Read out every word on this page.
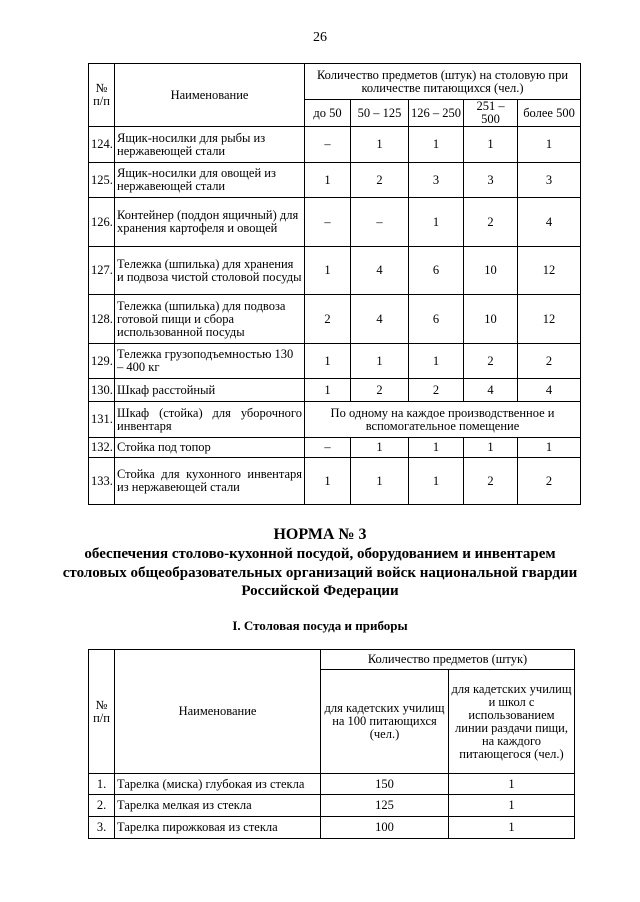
26
№ п/п	Наименование	Количество предметов (штук) на столовую при количестве питающихся (чел.)				
		до 50	50 – 125	126 – 250	251 – 500	более 500
124.	Ящик-носилки для рыбы из нержавеющей стали	–	1	1	1	1
125.	Ящик-носилки для овощей из нержавеющей стали	1	2	3	3	3
126.	Контейнер (поддон ящичный) для хранения картофеля и овощей	–	–	1	2	4
127.	Тележка (шпилька) для хранения и подвоза чистой столовой посуды	1	4	6	10	12
128.	Тележка (шпилька) для подвоза готовой пищи и сбора использованной посуды	2	4	6	10	12
129.	Тележка грузоподъемностью 130 – 400 кг	1	1	1	2	2
130.	Шкаф расстойный	1	2	2	4	4
131.	Шкаф (стойка) для уборочного инвентаря	По одному на каждое производственное и вспомогательное помещение				
132.	Стойка под топор	–	1	1	1	1
133.	Стойка для кухонного инвентаря из нержавеющей стали	1	1	1	2	2
НОРМА № 3
обеспечения столово-кухонной посудой, оборудованием и инвентарем
столовых общеобразовательных организаций войск национальной гвардии
Российской Федерации
I. Столовая посуда и приборы
№ п/п	Наименование	Количество предметов (штук)	
		для кадетских училищ на 100 питающихся (чел.)	для кадетских училищ и школ с использованием линии раздачи пищи, на каждого питающегося (чел.)
1.	Тарелка (миска) глубокая из стекла	150	1
2.	Тарелка мелкая из стекла	125	1
3.	Тарелка пирожковая из стекла	100	1
